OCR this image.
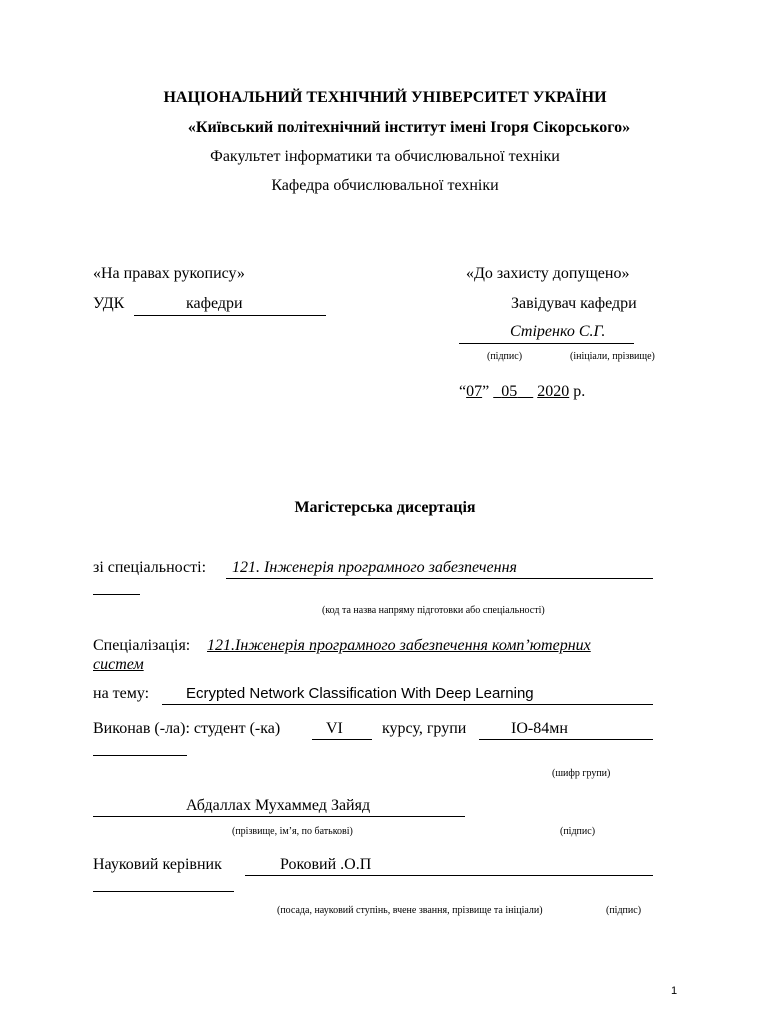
НАЦІОНАЛЬНИЙ ТЕХНІЧНИЙ УНІВЕРСИТЕТ УКРАЇНИ
«Київський політехнічний інститут імені Ігоря Сікорського»
Факультет інформатики та обчислювальної техніки
Кафедра обчислювальної техніки
«На правах рукопису»
УДК	кафедри
«До захисту допущено»
Завідувач кафедри
Стіренко С.Г.
(підпис)	(ініціали, прізвище)
“07” 05 2020 р.
Магістерська дисертація
зі спеціальності: 121. Інженерія програмного забезпечення
(код та назва напряму підготовки або спеціальності)
Спеціалізація: 121.Інженерія програмного забезпечення комп’ютерних
систем
на тему: Ecrypted Network Classification With Deep Learning
Виконав (-ла): студент (-ка)	VI курсу, групи	ІО-84мн
(шифр групи)
Абдаллах Мухаммед Зайяд
(прізвище, ім’я, по батькові)	(підпис)
Науковий керівник	Роковий .О.П
(посада, науковий ступінь, вчене звання, прізвище та ініціали)	(підпис)
1
